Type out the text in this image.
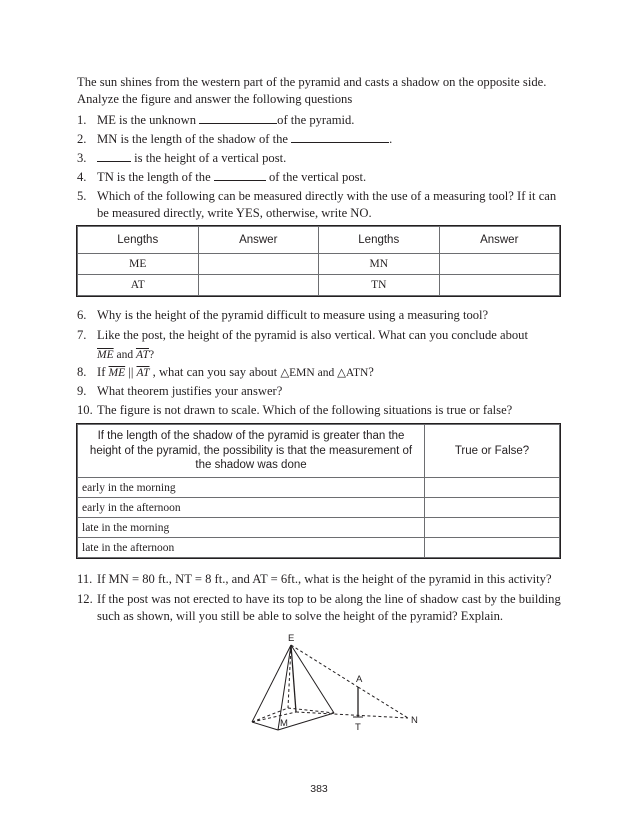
The sun shines from the western part of the pyramid and casts a shadow on the opposite side.
Analyze the figure and answer the following questions
1. ME is the unknown	of the pyramid.
2. MN is the length of the shadow of the	.
3.	is the height of a vertical post.
4. TN is the length of the	of the vertical post.
5. Which of the following can be measured directly with the use of a measuring tool? If it can
be measured directly, write YES, otherwise, write NO.
Lengths	Answer	Lengths	Answer
ME		MN	
AT		TN	
6. Why is the height of the pyramid difficult to measure using a measuring tool?
7. Like the post, the height of the pyramid is also vertical. What can you conclude about
$\overline{ME}$ and $\overline{AT}$?
8. If $\overline{ME}$ || $\overline{AT}$ , what can you say about △EMN and △ATN?
9. What theorem justifies your answer?
10. The figure is not drawn to scale. Which of the following situations is true or false?
If the length of the shadow of the pyramid is greater than the height of the pyramid, the possibility is that the measurement of the shadow was done	True or False?
early in the morning	
early in the afternoon	
late in the morning	
late in the afternoon	
11. If MN = 80 ft., NT = 8 ft., and AT = 6ft., what is the height of the pyramid in this activity?
12. If the post was not erected to have its top to be along the line of shadow cast by the building
such as shown, will you still be able to solve the height of the pyramid? Explain.
E
A
M	T
N
383
